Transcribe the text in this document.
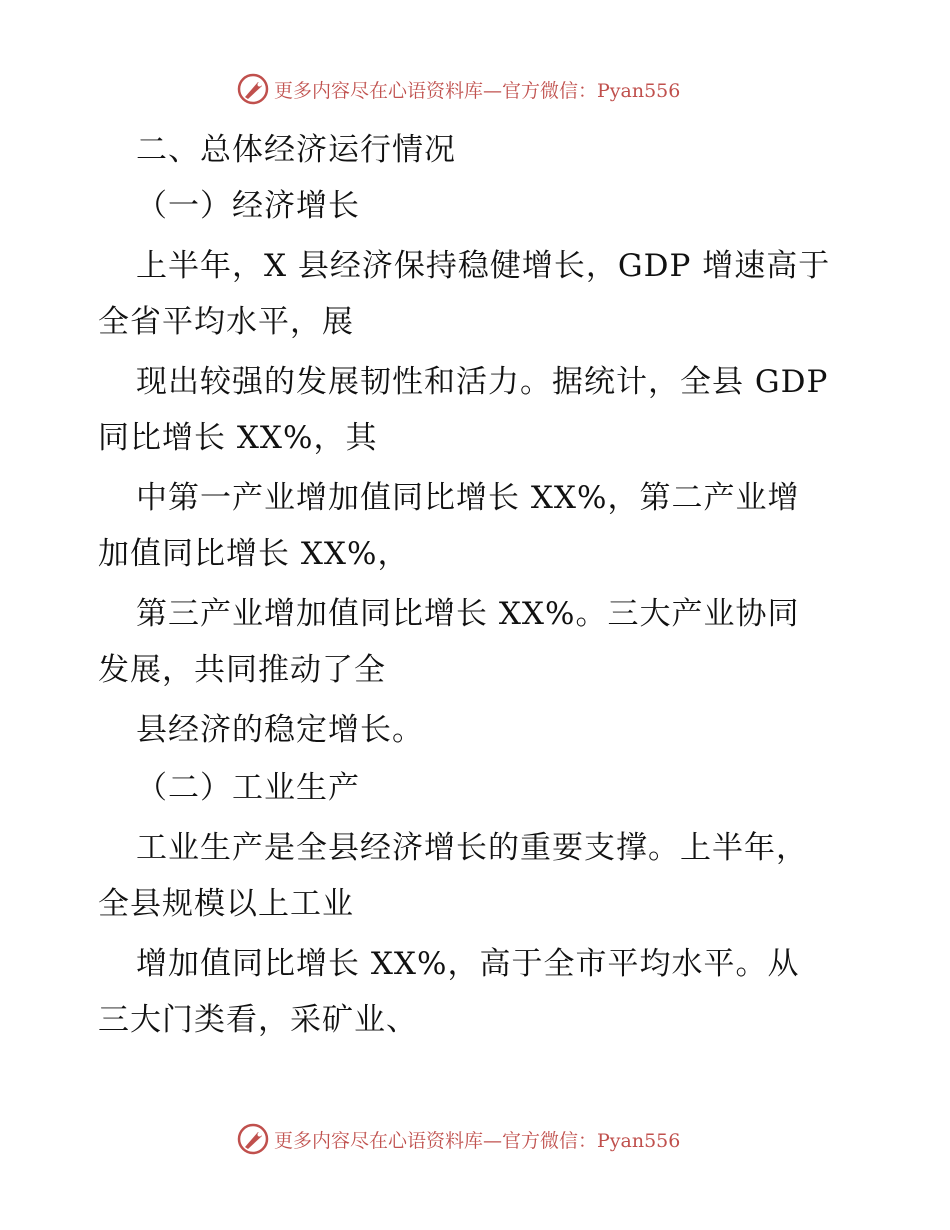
更多内容尽在心语资料库—官方微信：Pyan556
二、总体经济运行情况
（一）经济增长
上半年，X 县经济保持稳健增长，GDP 增速高于
全省平均水平，展
现出较强的发展韧性和活力。据统计，全县 GDP
同比增长 XX%，其
中第一产业增加值同比增长 XX%，第二产业增
加值同比增长 XX%，
第三产业增加值同比增长 XX%。三大产业协同
发展，共同推动了全
县经济的稳定增长。
（二）工业生产
工业生产是全县经济增长的重要支撑。上半年，
全县规模以上工业
增加值同比增长 XX%，高于全市平均水平。从
三大门类看，采矿业、
更多内容尽在心语资料库—官方微信：Pyan556
